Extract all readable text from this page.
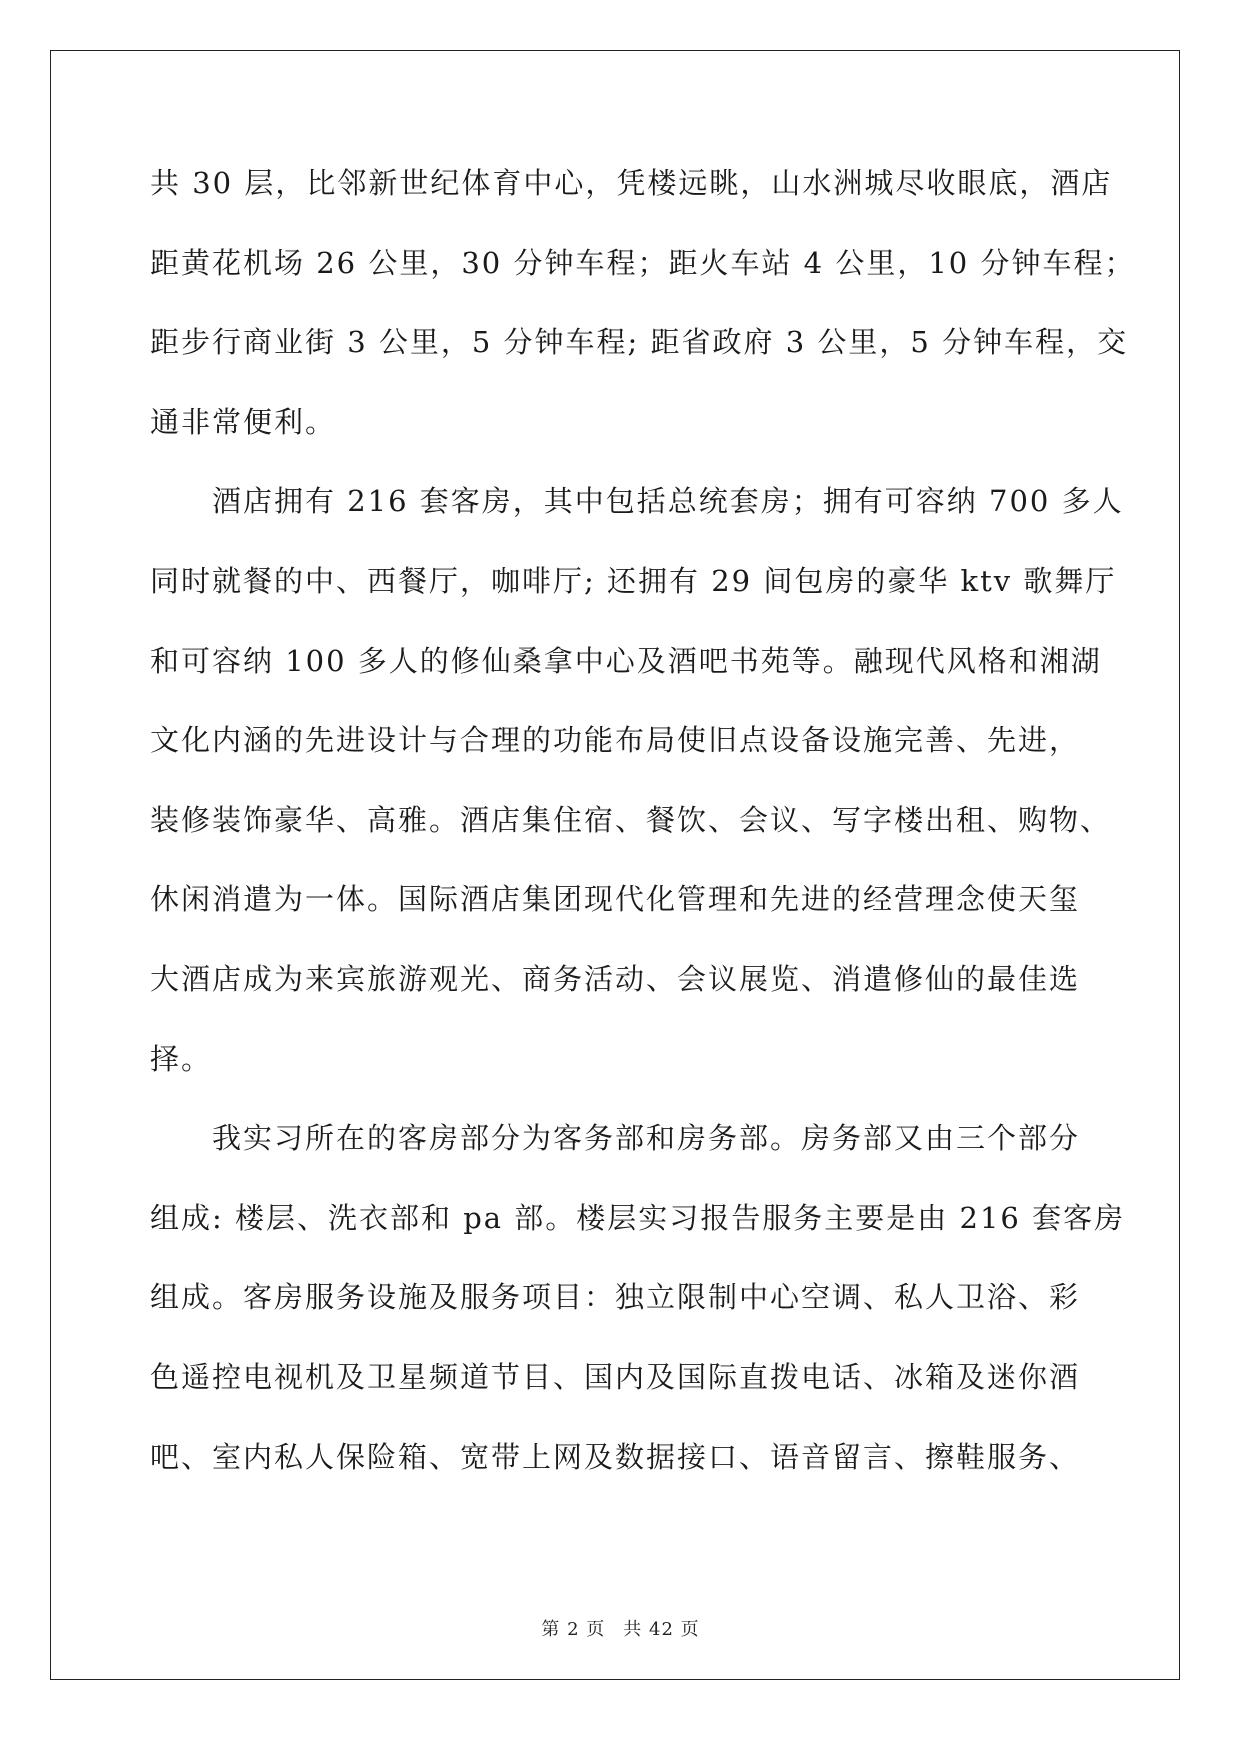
共 30 层，比邻新世纪体育中心，凭楼远眺，山水洲城尽收眼底，酒店
距黄花机场 26 公里，30 分钟车程；距火车站 4 公里，10 分钟车程；
距步行商业街 3 公里，5 分钟车程; 距省政府 3 公里，5 分钟车程，交
通非常便利。
酒店拥有 216 套客房，其中包括总统套房；拥有可容纳 700 多人
同时就餐的中、西餐厅，咖啡厅; 还拥有 29 间包房的豪华 ktv 歌舞厅
和可容纳 100 多人的修仙桑拿中心及酒吧书苑等。融现代风格和湘湖
文化内涵的先进设计与合理的功能布局使旧点设备设施完善、先进，
装修装饰豪华、高雅。酒店集住宿、餐饮、会议、写字楼出租、购物、
休闲消遣为一体。国际酒店集团现代化管理和先进的经营理念使天玺
大酒店成为来宾旅游观光、商务活动、会议展览、消遣修仙的最佳选
择。
我实习所在的客房部分为客务部和房务部。房务部又由三个部分
组成: 楼层、洗衣部和 pa 部。楼层实习报告服务主要是由 216 套客房
组成。客房服务设施及服务项目：独立限制中心空调、私人卫浴、彩
色遥控电视机及卫星频道节目、国内及国际直拨电话、冰箱及迷你酒
吧、室内私人保险箱、宽带上网及数据接口、语音留言、擦鞋服务、
第 2 页 共 42 页
